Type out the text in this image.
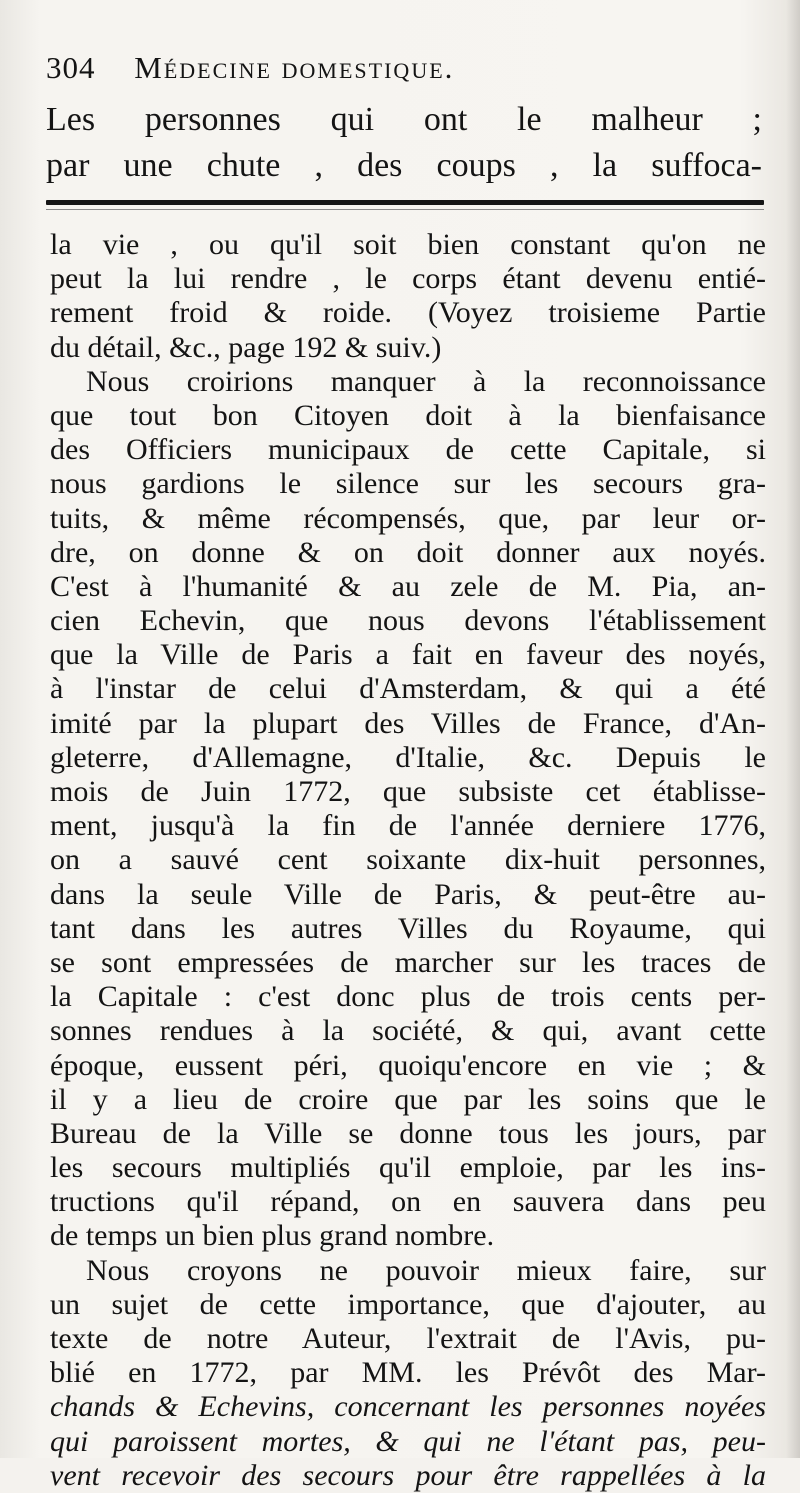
304 Médecine domestique.
Les personnes qui ont le malheur ;
par une chute , des coups , la suffoca-
la vie , ou qu'il soit bien constant qu'on ne
peut la lui rendre , le corps étant devenu entié-
rement froid & roide. (Voyez troisieme Partie
du détail, &c., page 192 & suiv.)
Nous croirions manquer à la reconnoissance
que tout bon Citoyen doit à la bienfaisance
des Officiers municipaux de cette Capitale, si
nous gardions le silence sur les secours gra-
tuits, & même récompensés, que, par leur or-
dre, on donne & on doit donner aux noyés.
C'est à l'humanité & au zele de M. Pia, an-
cien Echevin, que nous devons l'établissement
que la Ville de Paris a fait en faveur des noyés,
à l'instar de celui d'Amsterdam, & qui a été
imité par la plupart des Villes de France, d'An-
gleterre, d'Allemagne, d'Italie, &c. Depuis le
mois de Juin 1772, que subsiste cet établisse-
ment, jusqu'à la fin de l'année derniere 1776,
on a sauvé cent soixante dix-huit personnes,
dans la seule Ville de Paris, & peut-être au-
tant dans les autres Villes du Royaume, qui
se sont empressées de marcher sur les traces de
la Capitale : c'est donc plus de trois cents per-
sonnes rendues à la société, & qui, avant cette
époque, eussent péri, quoiqu'encore en vie ; &
il y a lieu de croire que par les soins que le
Bureau de la Ville se donne tous les jours, par
les secours multipliés qu'il emploie, par les ins-
tructions qu'il répand, on en sauvera dans peu
de temps un bien plus grand nombre.
Nous croyons ne pouvoir mieux faire, sur
un sujet de cette importance, que d'ajouter, au
texte de notre Auteur, l'extrait de l'Avis, pu-
blié en 1772, par MM. les Prévôt des Mar-
chands & Echevins, concernant les personnes noyées
qui paroissent mortes, & qui ne l'étant pas, peu-
vent recevoir des secours pour être rappellées à la
